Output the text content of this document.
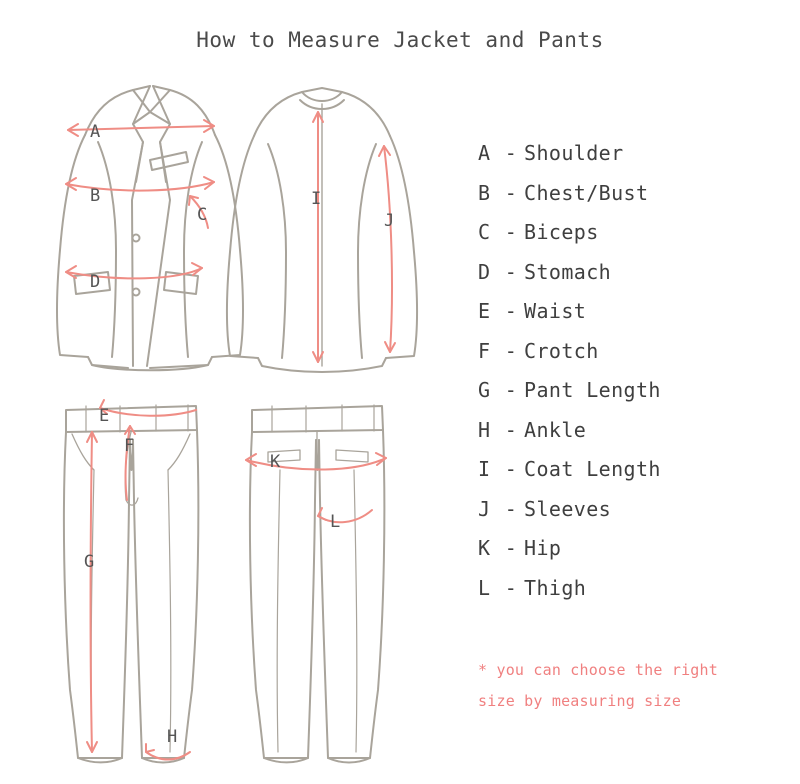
How to Measure Jacket and Pants
A
B
C
D
E
F
G
H
I
J
K
L
A - Shoulder
B - Chest/Bust
C - Biceps
D - Stomach
E - Waist
F - Crotch
G - Pant Length
H - Ankle
I - Coat Length
J - Sleeves
K - Hip
L - Thigh
* you can choose the right
size by measuring size
